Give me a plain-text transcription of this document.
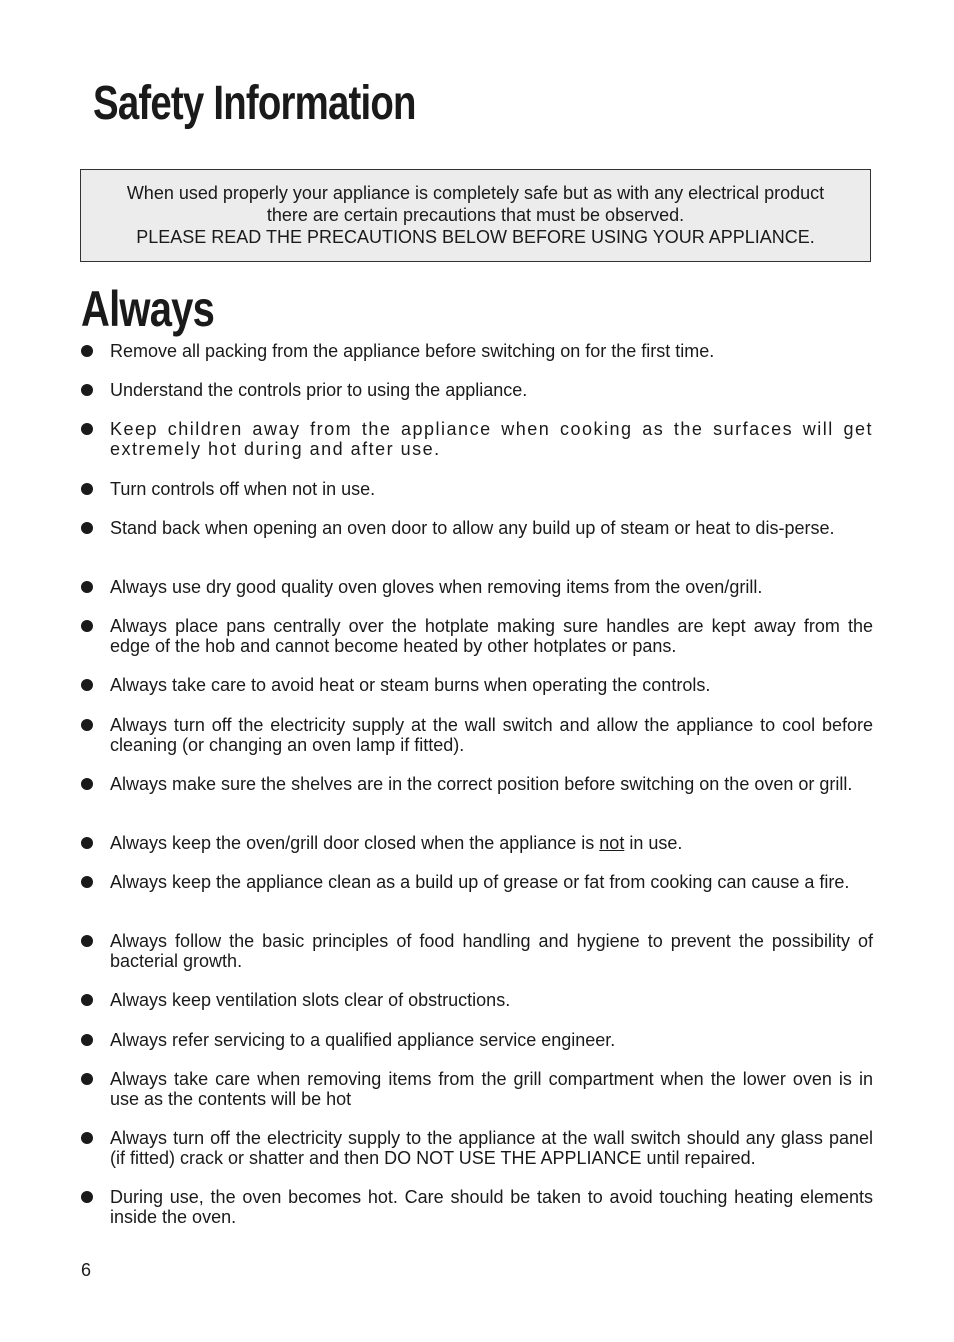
Safety Information
When used properly your appliance is completely safe but as with any electrical product
there are certain precautions that must be observed.
PLEASE READ THE PRECAUTIONS BELOW BEFORE USING YOUR APPLIANCE.
Always
Remove all packing from the appliance before switching on for the first time.
Understand the controls prior to using the appliance.
Keep children away from the appliance when cooking as the surfaces will get extremely hot during and after use.
Turn controls off when not in use.
Stand back when opening an oven door to allow any build up of steam or heat to dis-perse.
Always use dry good quality oven gloves when removing items from the oven/grill.
Always place pans centrally over the hotplate making sure handles are kept away from the edge of the hob and cannot become heated by other hotplates or pans.
Always take care to avoid heat or steam burns when operating the controls.
Always turn off the electricity supply at the wall switch and allow the appliance to cool before cleaning (or changing an oven lamp if fitted).
Always make sure the shelves are in the correct position before switching on the oven or grill.
Always keep the oven/grill door closed when the appliance is not in use.
Always keep the appliance clean as a build up of grease or fat from cooking can cause a fire.
Always follow the basic principles of food handling and hygiene to prevent the possibility of bacterial growth.
Always keep ventilation slots clear of obstructions.
Always refer servicing to a qualified appliance service engineer.
Always take care when removing items from the grill compartment when the lower oven is in use as the contents will be hot
Always turn off the electricity supply to the appliance at the wall switch should any glass panel (if fitted) crack or shatter and then DO NOT USE THE APPLIANCE until repaired.
During use, the oven becomes hot. Care should be taken to avoid touching heating elements inside the oven.
6
